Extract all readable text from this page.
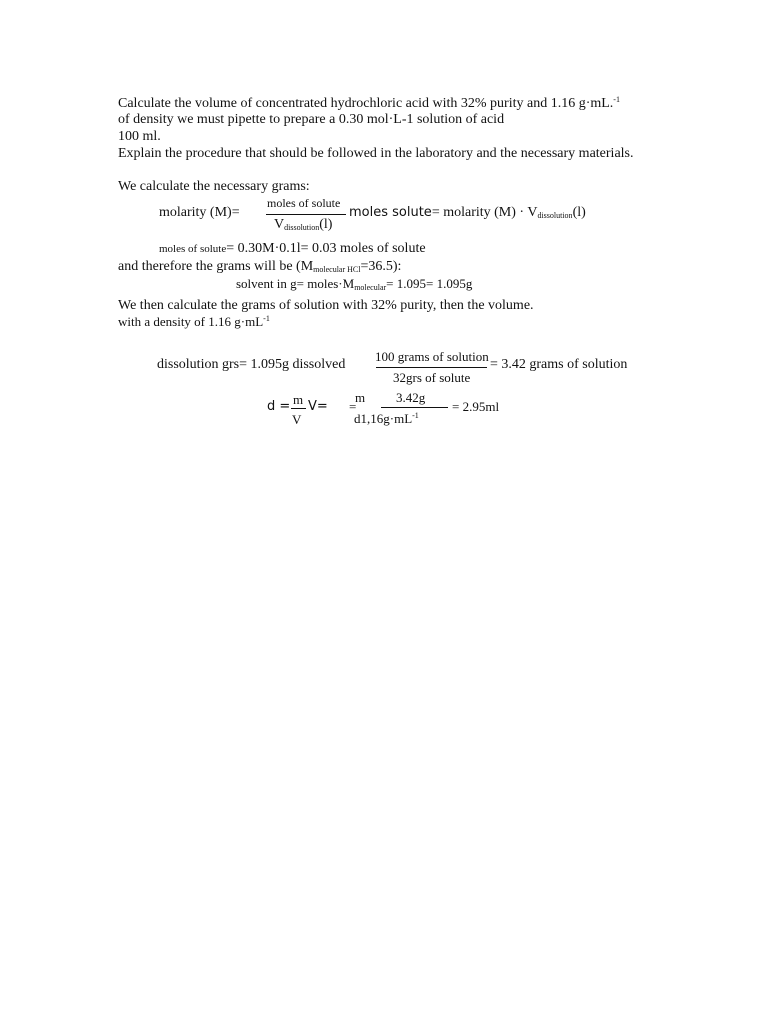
Calculate the volume of concentrated hydrochloric acid with 32% purity and 1.16 g·mL.$^{-1}$
of density we must pipette to prepare a 0.30 mol·L-1 solution of acid
100 ml.
Explain the procedure that should be followed in the laboratory and the necessary materials.
We calculate the necessary grams:
molarity (M)=
moles of solute
$V_{dissolution}(l)$
moles solute= molarity $(M) \cdot V_{dissolution}(l)$
moles of solute= 0.30M·0.1l= 0.03 moles of solute
and therefore the grams will be $(M_{molecular HCl}=36.5)$:
solvent in $g= moles\cdot M_{molecular}= 1.095= 1.095g$
We then calculate the grams of solution with 32% purity, then the volume.
with a density of 1.16 $g\cdot mL^{-1}$
dissolution grs= 1.095g dissolved
100 grams of solution
32grs of solute
= 3.42 grams of solution
d = m
V
V= =
m 3.42g
$d1,16g\cdot mL^{-1}$
= 2.95ml
